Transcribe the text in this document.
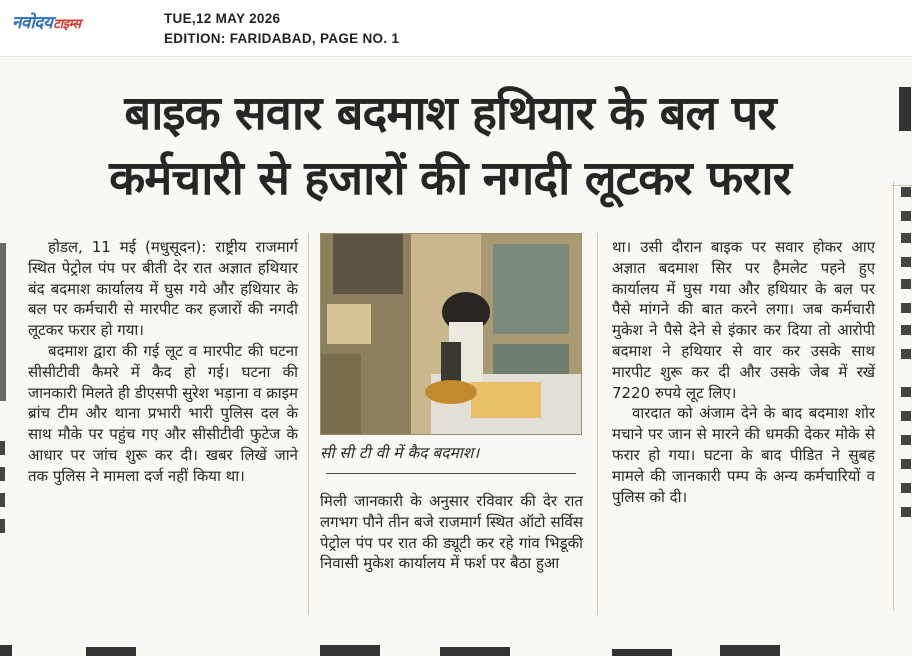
नवोदयटाइम्स	TUE,12 MAY 2026
EDITION: FARIDABAD, PAGE NO. 1
बाइक सवार बदमाश हथियार के बल पर
कर्मचारी से हजारों की नगदी लूटकर फरार

होडल, 11 मई (मधुसूदन): राष्ट्रीय राजमार्ग स्थित पेट्रोल पंप पर बीती देर रात अज्ञात हथियार बंद बदमाश कार्यालय में घुस गये और हथियार के बल पर कर्मचारी से मारपीट कर हजारों की नगदी लूटकर फरार हो गया।

बदमाश द्वारा की गई लूट व मारपीट की घटना सीसीटीवी कैमरे में कैद हो गई। घटना की जानकारी मिलते ही डीएसपी सुरेश भड़ाना व क्राइम ब्रांच टीम और थाना प्रभारी भारी पुलिस दल के साथ मौके पर पहुंच गए और सीसीटीवी फुटेज के आधार पर जांच शुरू कर दी। खबर लिखें जाने तक पुलिस ने मामला दर्ज नहीं किया था।

सी सी टी वी में कैद बदमाश।

मिली जानकारी के अनुसार रविवार की देर रात लगभग पौने तीन बजे राजमार्ग स्थित ऑटो सर्विस पेट्रोल पंप पर रात की ड्यूटी कर रहे गांव भिडूकी निवासी मुकेश कार्यालय में फर्श पर बैठा हुआ

था। उसी दौरान बाइक पर सवार होकर आए अज्ञात बदमाश सिर पर हैमलेट पहने हुए कार्यालय में घुस गया और हथियार के बल पर पैसे मांगने की बात करने लगा। जब कर्मचारी मुकेश ने पैसे देने से इंकार कर दिया तो आरोपी बदमाश ने हथियार से वार कर उसके साथ मारपीट शुरू कर दी और उसके जेब में रखें 7220 रुपये लूट लिए।

वारदात को अंजाम देने के बाद बदमाश शोर मचाने पर जान से मारने की धमकी देकर मोके से फरार हो गया। घटना के बाद पीडित ने सुबह मामले की जानकारी पम्प के अन्य कर्मचारियों व पुलिस को दी।
